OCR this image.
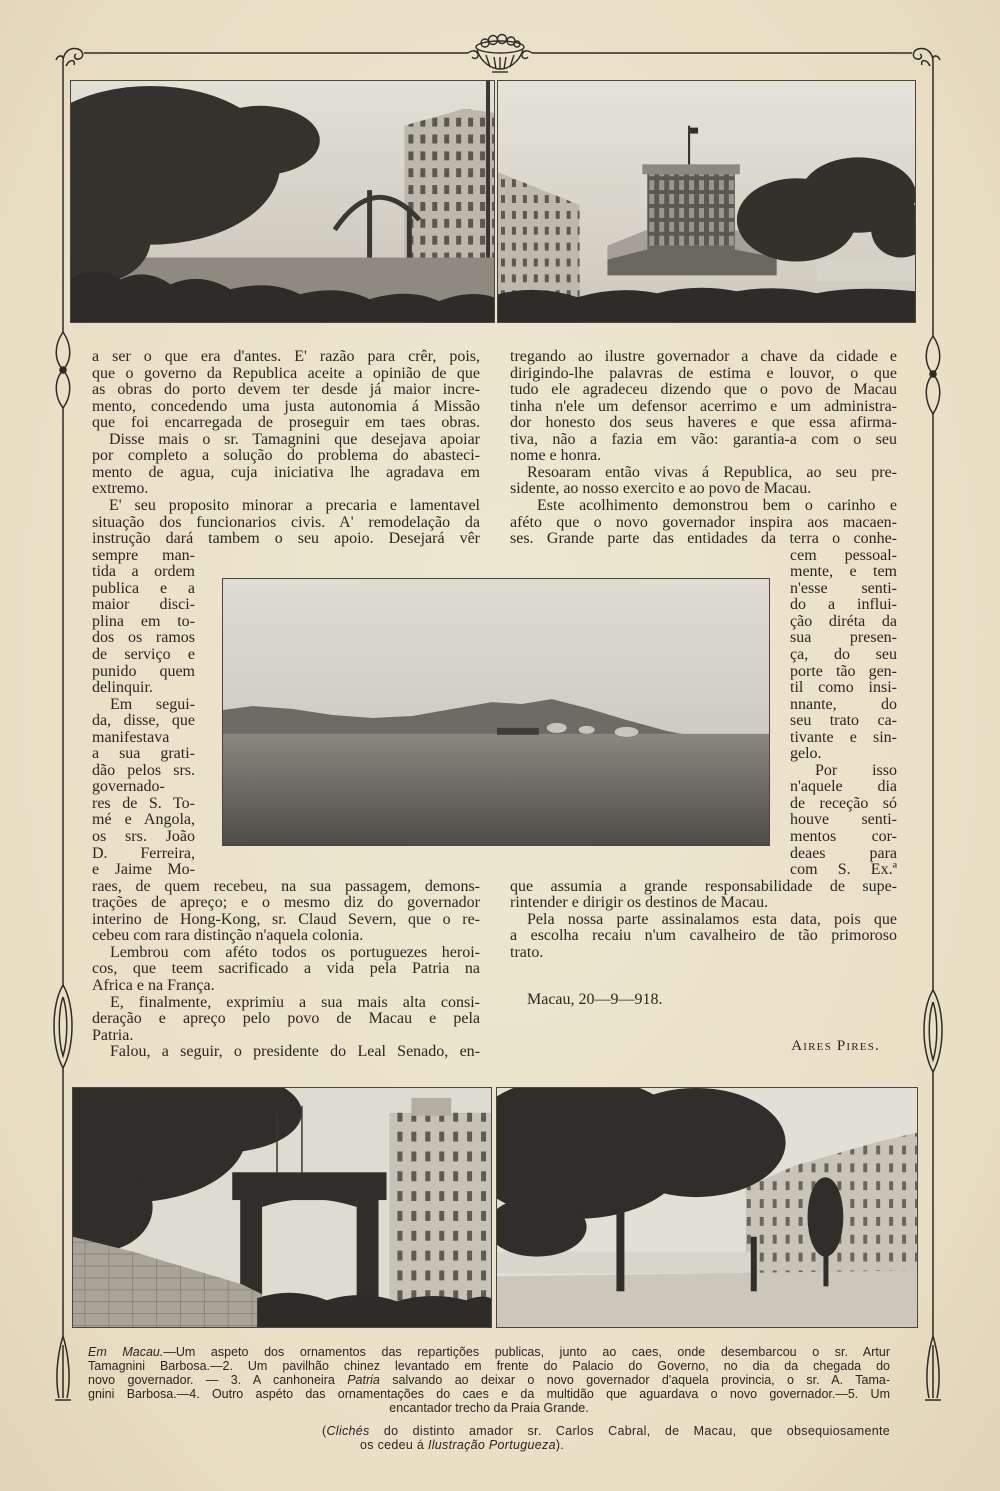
a ser o que era d'antes. E' razão para crêr, pois,
que o governo da Republica aceite a opinião de que
as obras do porto devem ter desde já maior incre-
mento, concedendo uma justa autonomia á Missão
que foi encarregada de proseguir em taes obras.
Disse mais o sr. Tamagnini que desejava apoiar
por completo a solução do problema do abasteci-
mento de agua, cuja iniciativa lhe agradava em
extremo.
E' seu proposito minorar a precaria e lamentavel
situação dos funcionarios civis. A' remodelação da
instrução dará tambem o seu apoio. Desejará vêr
sempre man-
tida a ordem
publica e a
maior disci-
plina em to-
dos os ramos
de serviço e
punido quem
delinquir.
Em segui-
da, disse, que
manifestava
a sua grati-
dão pelos srs.
governado-
res de S. To-
mé e Angola,
os srs. João
D. Ferreira,
e Jaime Mo-
raes, de quem recebeu, na sua passagem, demons-
trações de apreço; e o mesmo diz do governador
interino de Hong-Kong, sr. Claud Severn, que o re-
cebeu com rara distinção n'aquela colonia.
Lembrou com aféto todos os portuguezes heroi-
cos, que teem sacrificado a vida pela Patria na
Africa e na França.
E, finalmente, exprimiu a sua mais alta consi-
deração e apreço pelo povo de Macau e pela
Patria.
Falou, a seguir, o presidente do Leal Senado, en-
tregando ao ilustre governador a chave da cidade e
dirigindo-lhe palavras de estima e louvor, o que
tudo ele agradeceu dizendo que o povo de Macau
tinha n'ele um defensor acerrimo e um administra-
dor honesto dos seus haveres e que essa afirma-
tiva, não a fazia em vão: garantia-a com o seu
nome e honra.
Resoaram então vivas á Republica, ao seu pre-
sidente, ao nosso exercito e ao povo de Macau.
Este acolhimento demonstrou bem o carinho e
aféto que o novo governador inspira aos macaen-
ses. Grande parte das entidades da terra o conhe-
cem pessoal-
mente, e tem
n'esse senti-
do a influi-
ção diréta da
sua presen-
ça, do seu
porte tão gen-
til como insi-
nnante, do
seu trato ca-
tivante e sin-
gelo.
Por isso
n'aquele dia
de receção só
houve senti-
mentos cor-
deaes para
com S. Ex.ª
que assumia a grande responsabilidade de supe-
rintender e dirigir os destinos de Macau.
Pela nossa parte assinalamos esta data, pois que
a escolha recaiu n'um cavalheiro de tão primoroso
trato.
Macau, 20—9—918.
Aires Pires.
Em Macau.—Um aspeto dos ornamentos das repartições publicas, junto ao caes, onde desembarcou o sr. Artur
Tamagnini Barbosa.—2. Um pavilhão chinez levantado em frente do Palacio do Governo, no dia da chegada do
novo governador. — 3. A canhoneira Patria salvando ao deixar o novo governador d'aquela provincia, o sr. A. Tama-
gnini Barbosa.—4. Outro aspéto das ornamentações do caes e da multidão que aguardava o novo governador.—5. Um
encantador trecho da Praia Grande.
(Clichés do distinto amador sr. Carlos Cabral, de Macau, que obsequiosamente
os cedeu á Ilustração Portugueza).
